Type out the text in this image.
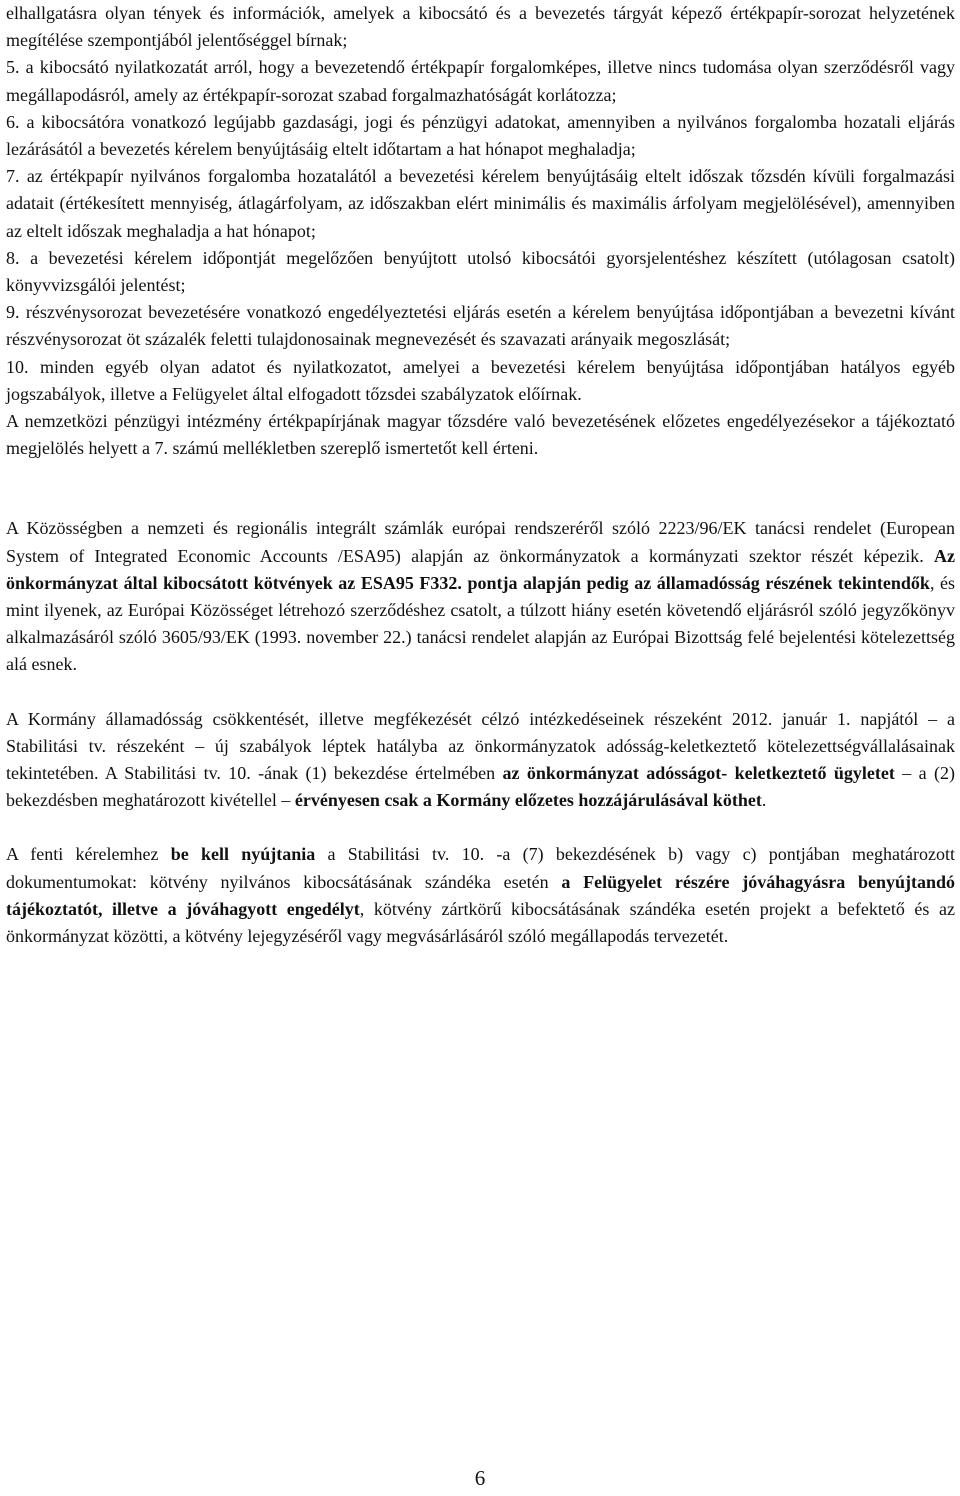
elhallgatásra olyan tények és információk, amelyek a kibocsátó és a bevezetés tárgyát képező értékpapír-sorozat helyzetének megítélése szempontjából jelentőséggel bírnak;

5. a kibocsátó nyilatkozatát arról, hogy a bevezetendő értékpapír forgalomképes, illetve nincs tudomása olyan szerződésről vagy megállapodásról, amely az értékpapír-sorozat szabad forgalmazhatóságát korlátozza;

6. a kibocsátóra vonatkozó legújabb gazdasági, jogi és pénzügyi adatokat, amennyiben a nyilvános forgalomba hozatali eljárás lezárásától a bevezetés kérelem benyújtásáig eltelt időtartam a hat hónapot meghaladja;

7. az értékpapír nyilvános forgalomba hozatalától a bevezetési kérelem benyújtásáig eltelt időszak tőzsdén kívüli forgalmazási adatait (értékesített mennyiség, átlagárfolyam, az időszakban elért minimális és maximális árfolyam megjelölésével), amennyiben az eltelt időszak meghaladja a hat hónapot;

8. a bevezetési kérelem időpontját megelőzően benyújtott utolsó kibocsátói gyorsjelentéshez készített (utólagosan csatolt) könyvvizsgálói jelentést;

9. részvénysorozat bevezetésére vonatkozó engedélyeztetési eljárás esetén a kérelem benyújtása időpontjában a bevezetni kívánt részvénysorozat öt százalék feletti tulajdonosainak megnevezését és szavazati arányaik megoszlását;

10. minden egyéb olyan adatot és nyilatkozatot, amelyei a bevezetési kérelem benyújtása időpontjában hatályos egyéb jogszabályok, illetve a Felügyelet által elfogadott tőzsdei szabályzatok előírnak.

A nemzetközi pénzügyi intézmény értékpapírjának magyar tőzsdére való bevezetésének előzetes engedélyezésekor a tájékoztató megjelölés helyett a 7. számú mellékletben szereplő ismertetőt kell érteni.

A Közösségben a nemzeti és regionális integrált számlák európai rendszeréről szóló 2223/96/EK tanácsi rendelet (European System of Integrated Economic Accounts /ESA95) alapján az önkormányzatok a kormányzati szektor részét képezik. Az önkormányzat által kibocsátott kötvények az ESA95 F332. pontja alapján pedig az államadósság részének tekintendők, és mint ilyenek, az Európai Közösséget létrehozó szerződéshez csatolt, a túlzott hiány esetén követendő eljárásról szóló jegyzőkönyv alkalmazásáról szóló 3605/93/EK (1993. november 22.) tanácsi rendelet alapján az Európai Bizottság felé bejelentési kötelezettség alá esnek.

A Kormány államadósság csökkentését, illetve megfékezését célzó intézkedéseinek részeként 2012. január 1. napjától – a Stabilitási tv. részeként – új szabályok léptek hatályba az önkormányzatok adósság-keletkeztető kötelezettségvállalásainak tekintetében. A Stabilitási tv. 10. -ának (1) bekezdése értelmében az önkormányzat adósságot- keletkeztető ügyletet – a (2) bekezdésben meghatározott kivétellel – érvényesen csak a Kormány előzetes hozzájárulásával köthet.

A fenti kérelemhez be kell nyújtania a Stabilitási tv. 10. -a (7) bekezdésének b) vagy c) pontjában meghatározott dokumentumokat: kötvény nyilvános kibocsátásának szándéka esetén a Felügyelet részére jóváhagyásra benyújtandó tájékoztatót, illetve a jóváhagyott engedélyt, kötvény zártkörű kibocsátásának szándéka esetén projekt a befektető és az önkormányzat közötti, a kötvény lejegyzéséről vagy megvásárlásáról szóló megállapodás tervezetét.

6
